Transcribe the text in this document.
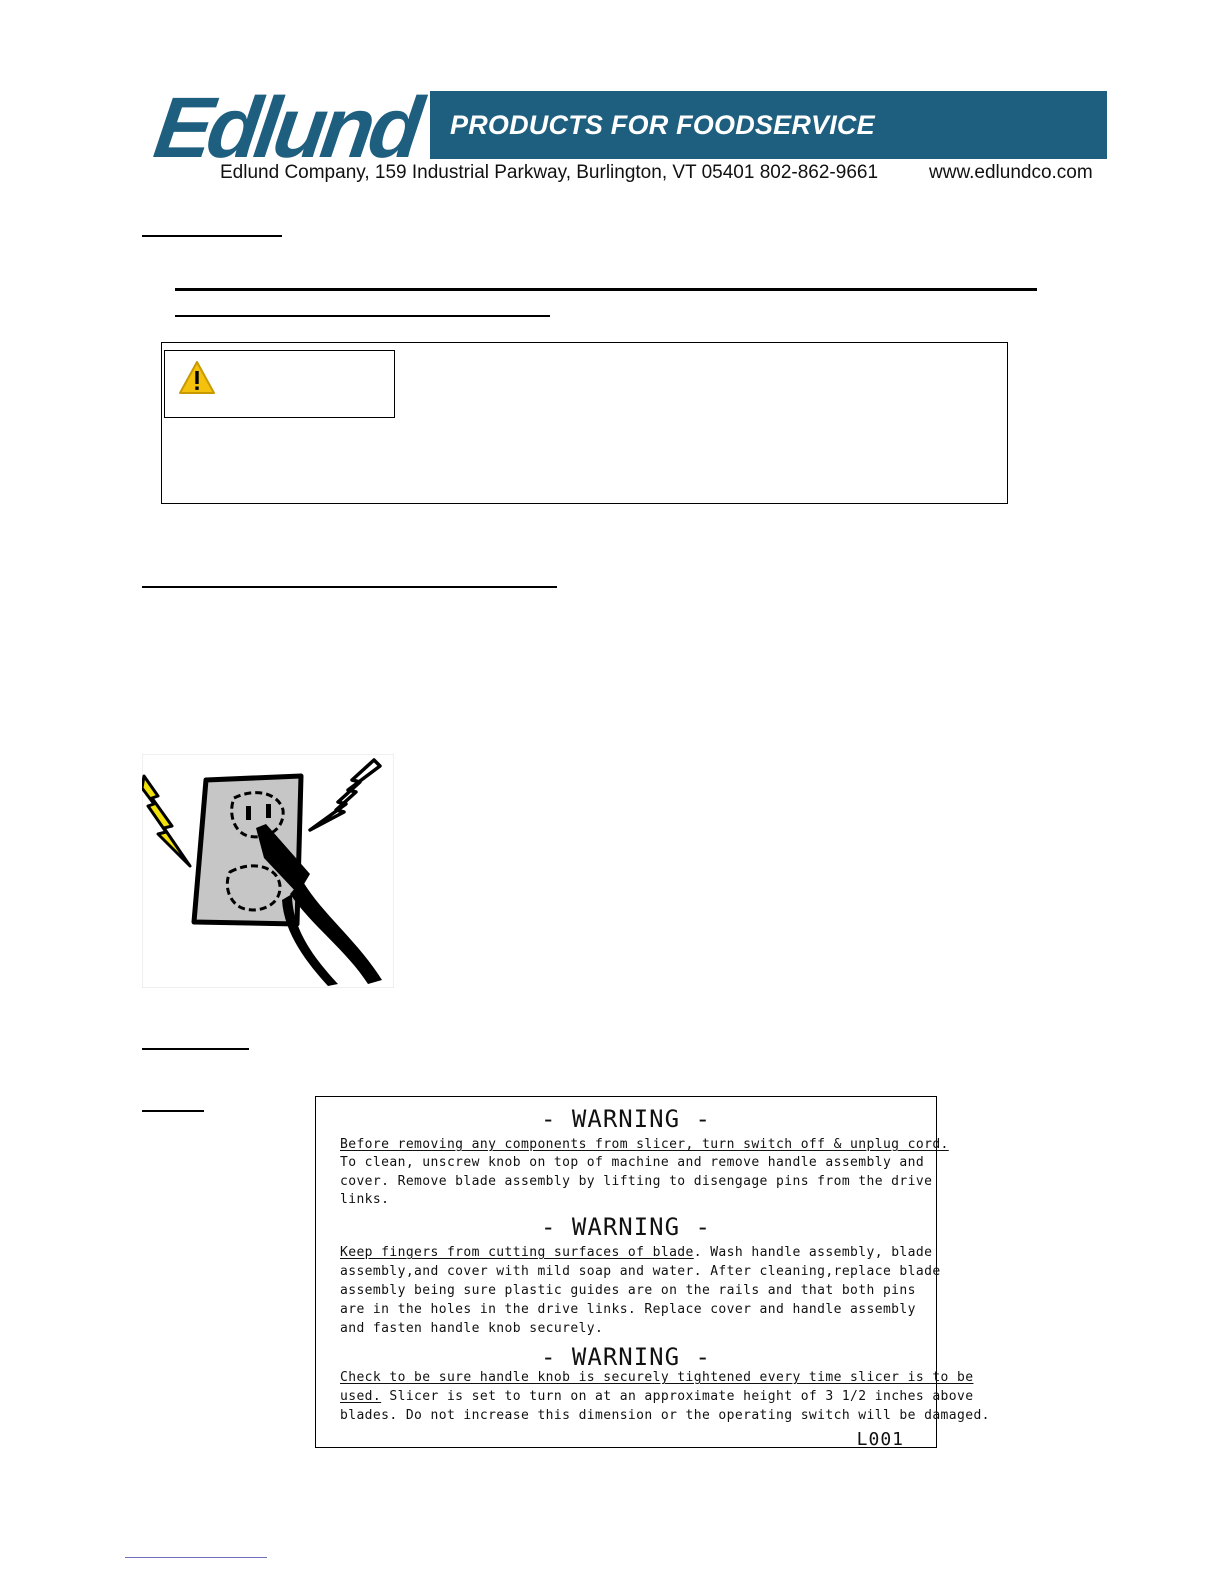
Edlund PRODUCTS FOR FOODSERVICE
Edlund Company, 159 Industrial Parkway, Burlington, VT 05401 802-862-9661	www.edlundco.com
- WARNING -
Before removing any components from slicer, turn switch off & unplug cord.
To clean, unscrew knob on top of machine and remove handle assembly and
cover. Remove blade assembly by lifting to disengage pins from the drive
links.
- WARNING -
Keep fingers from cutting surfaces of blade. Wash handle assembly, blade
assembly,and cover with mild soap and water. After cleaning,replace blade
assembly being sure plastic guides are on the rails and that both pins
are in the holes in the drive links. Replace cover and handle assembly
and fasten handle knob securely.
- WARNING -
Check to be sure handle knob is securely tightened every time slicer is to be
used. Slicer is set to turn on at an approximate height of 3 1/2 inches above
blades. Do not increase this dimension or the operating switch will be damaged.
L001
